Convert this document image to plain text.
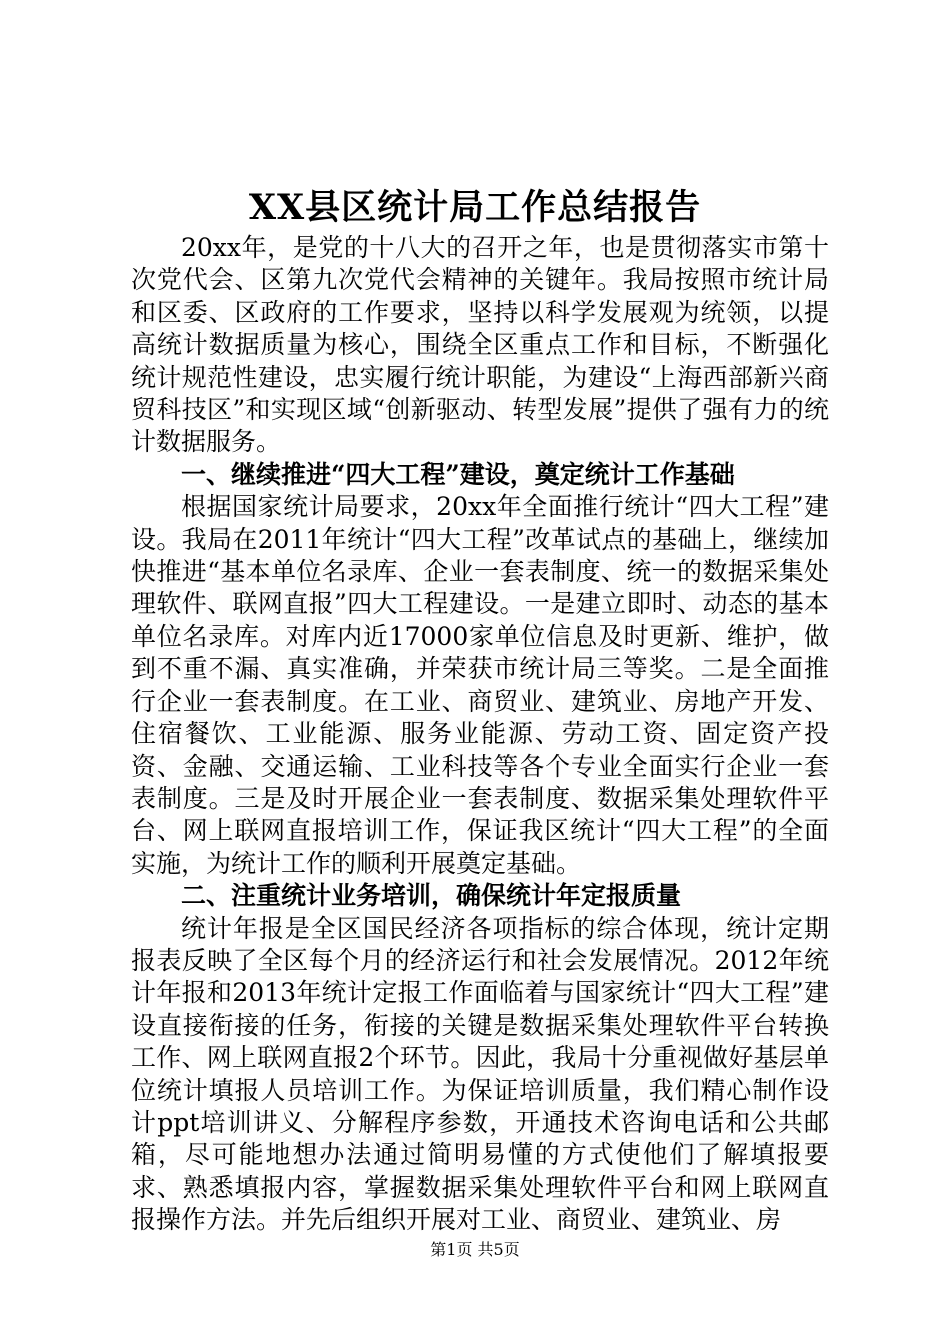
XX县区统计局工作总结报告

20xx年，是党的十八大的召开之年，也是贯彻落实市第十次党代会、区第九次党代会精神的关键年。我局按照市统计局和区委、区政府的工作要求，坚持以科学发展观为统领，以提高统计数据质量为核心，围绕全区重点工作和目标，不断强化统计规范性建设，忠实履行统计职能，为建设“上海西部新兴商贸科技区”和实现区域“创新驱动、转型发展”提供了强有力的统计数据服务。

一、继续推进“四大工程”建设，奠定统计工作基础

根据国家统计局要求，20xx年全面推行统计“四大工程”建设。我局在2011年统计“四大工程”改革试点的基础上，继续加快推进“基本单位名录库、企业一套表制度、统一的数据采集处理软件、联网直报”四大工程建设。一是建立即时、动态的基本单位名录库。对库内近17000家单位信息及时更新、维护，做到不重不漏、真实准确，并荣获市统计局三等奖。二是全面推行企业一套表制度。在工业、商贸业、建筑业、房地产开发、住宿餐饮、工业能源、服务业能源、劳动工资、固定资产投资、金融、交通运输、工业科技等各个专业全面实行企业一套表制度。三是及时开展企业一套表制度、数据采集处理软件平台、网上联网直报培训工作，保证我区统计“四大工程”的全面实施，为统计工作的顺利开展奠定基础。

二、注重统计业务培训，确保统计年定报质量

统计年报是全区国民经济各项指标的综合体现，统计定期报表反映了全区每个月的经济运行和社会发展情况。2012年统计年报和2013年统计定报工作面临着与国家统计“四大工程”建设直接衔接的任务，衔接的关键是数据采集处理软件平台转换工作、网上联网直报2个环节。因此，我局十分重视做好基层单位统计填报人员培训工作。为保证培训质量，我们精心制作设计ppt培训讲义、分解程序参数，开通技术咨询电话和公共邮箱，尽可能地想办法通过简明易懂的方式使他们了解填报要求、熟悉填报内容，掌握数据采集处理软件平台和网上联网直报操作方法。并先后组织开展对工业、商贸业、建筑业、房

第1页 共5页
